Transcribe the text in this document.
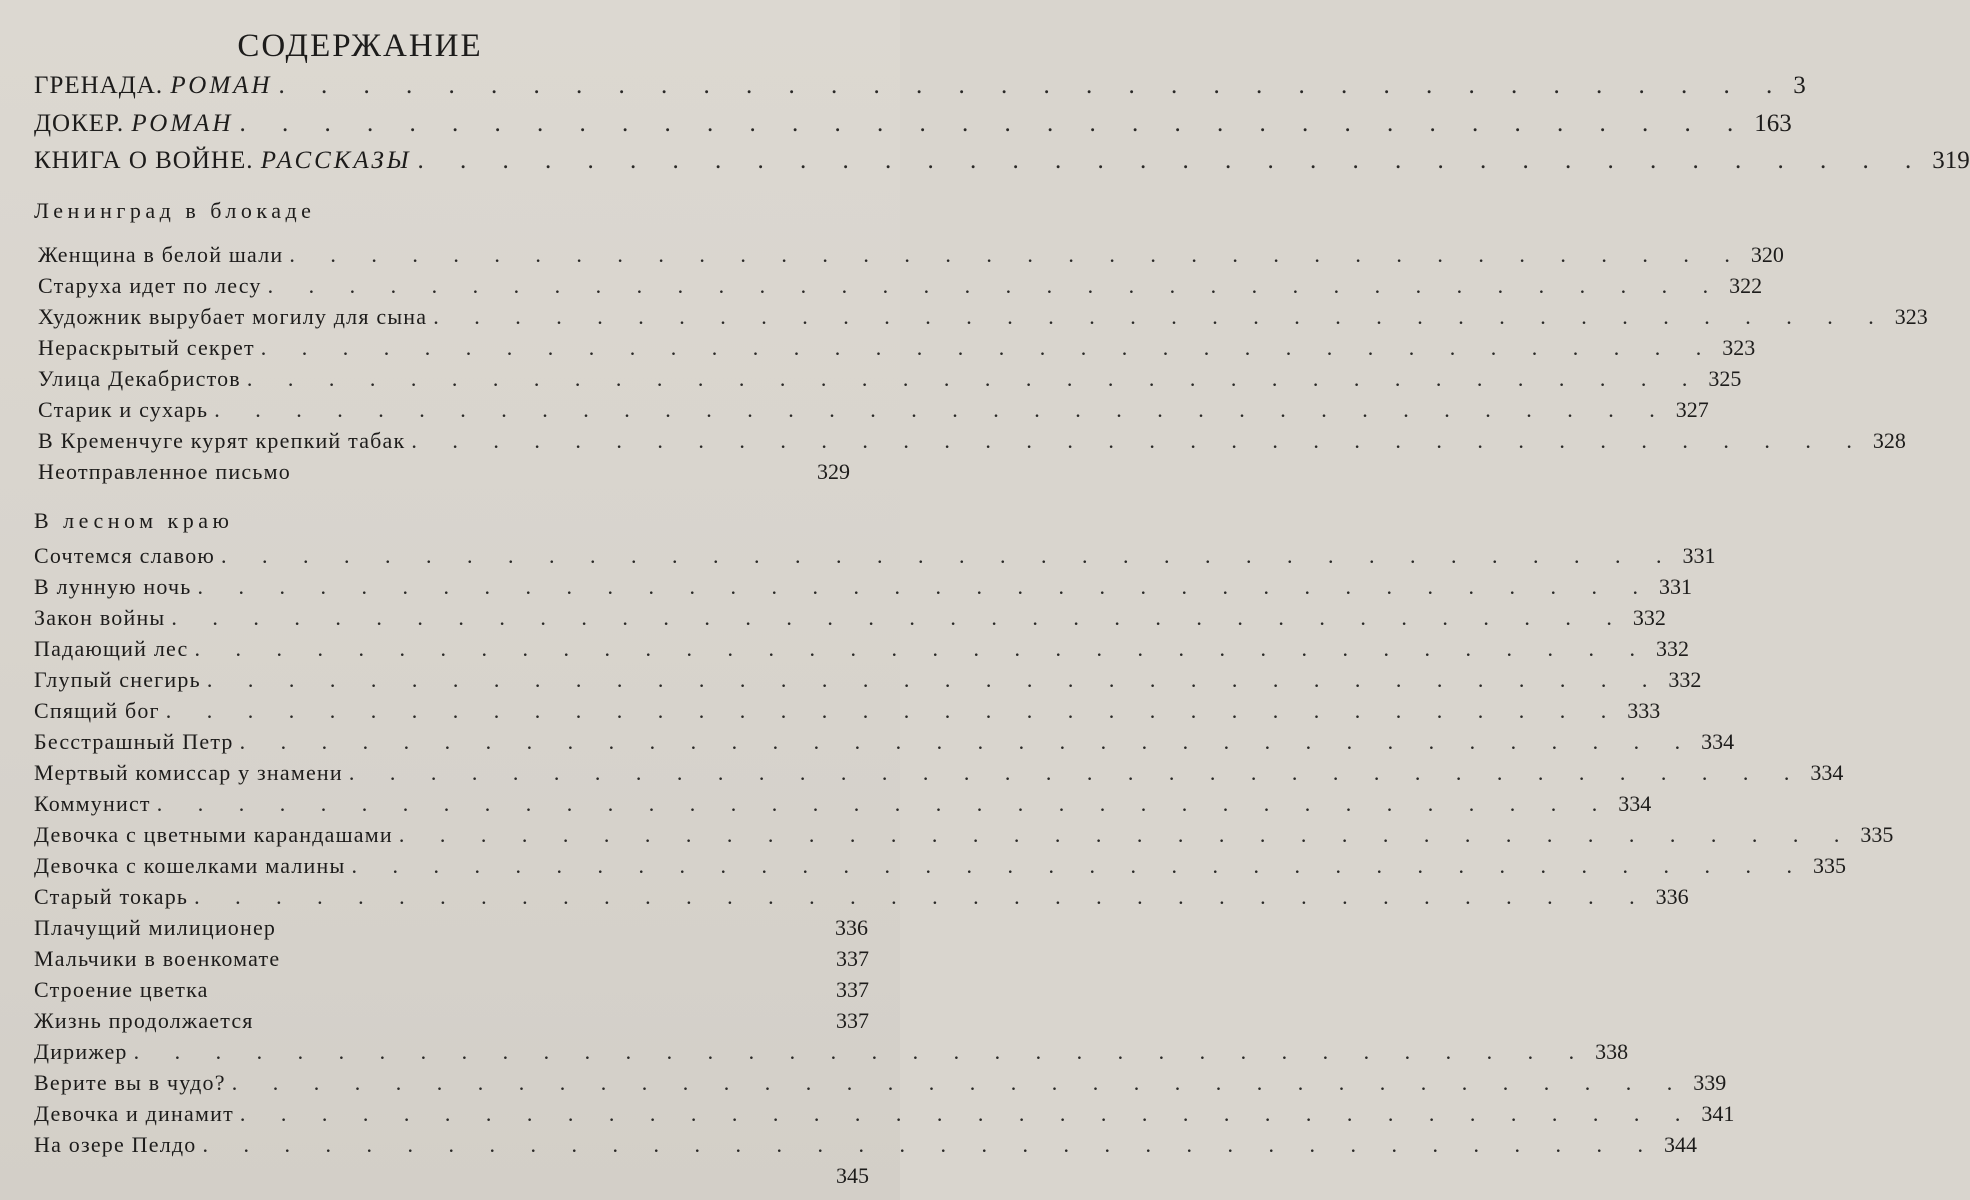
СОДЕРЖАНИЕ
ГРЕНАДА. РОМАН . . . . . . . . . . . . . . . . . . . . . . . . . . . . . . . . . . . . 3
ДОКЕР. РОМАН . . . . . . . . . . . . . . . . . . . . . . . . . . . . . . . . . . . . 163
КНИГА О ВОЙНЕ. РАССКАЗЫ . . . . . . . . . . . . . . . . . . . . . . . . . . . . . . . . . . . . 319
Ленинград в блокаде
Женщина в белой шали . . . . . . . . . . . . . . . . . . . . . . . . . . . . . . . . . . . . 320
Старуха идет по лесу . . . . . . . . . . . . . . . . . . . . . . . . . . . . . . . . . . . . 322
Художник вырубает могилу для сына . . . . . . . . . . . . . . . . . . . . . . . . . . . . . . . . . . . . 323
Нераскрытый секрет . . . . . . . . . . . . . . . . . . . . . . . . . . . . . . . . . . . . 323
Улица Декабристов . . . . . . . . . . . . . . . . . . . . . . . . . . . . . . . . . . . . 325
Старик и сухарь . . . . . . . . . . . . . . . . . . . . . . . . . . . . . . . . . . . . 327
В Кременчуге курят крепкий табак . . . . . . . . . . . . . . . . . . . . . . . . . . . . . . . . . . . . 328
Неотправленное письмо	329
В лесном краю
Сочтемся славою . . . . . . . . . . . . . . . . . . . . . . . . . . . . . . . . . . . . 331
В лунную ночь . . . . . . . . . . . . . . . . . . . . . . . . . . . . . . . . . . . . 331
Закон войны . . . . . . . . . . . . . . . . . . . . . . . . . . . . . . . . . . . . 332
Падающий лес . . . . . . . . . . . . . . . . . . . . . . . . . . . . . . . . . . . . 332
Глупый снегирь . . . . . . . . . . . . . . . . . . . . . . . . . . . . . . . . . . . . 332
Спящий бог . . . . . . . . . . . . . . . . . . . . . . . . . . . . . . . . . . . . 333
Бесстрашный Петр . . . . . . . . . . . . . . . . . . . . . . . . . . . . . . . . . . . . 334
Мертвый комиссар у знамени . . . . . . . . . . . . . . . . . . . . . . . . . . . . . . . . . . . . 334
Коммунист . . . . . . . . . . . . . . . . . . . . . . . . . . . . . . . . . . . . 334
Девочка с цветными карандашами . . . . . . . . . . . . . . . . . . . . . . . . . . . . . . . . . . . . 335
Девочка с кошелками малины . . . . . . . . . . . . . . . . . . . . . . . . . . . . . . . . . . . . 335
Старый токарь . . . . . . . . . . . . . . . . . . . . . . . . . . . . . . . . . . . . 336
Плачущий милиционер	336
Мальчики в военкомате	337
Строение цветка	337
Жизнь продолжается	337
Дирижер . . . . . . . . . . . . . . . . . . . . . . . . . . . . . . . . . . . . 338
Верите вы в чудо? . . . . . . . . . . . . . . . . . . . . . . . . . . . . . . . . . . . . 339
Девочка и динамит . . . . . . . . . . . . . . . . . . . . . . . . . . . . . . . . . . . . 341
На озере Пелдо . . . . . . . . . . . . . . . . . . . . . . . . . . . . . . . . . . . . 344
345
